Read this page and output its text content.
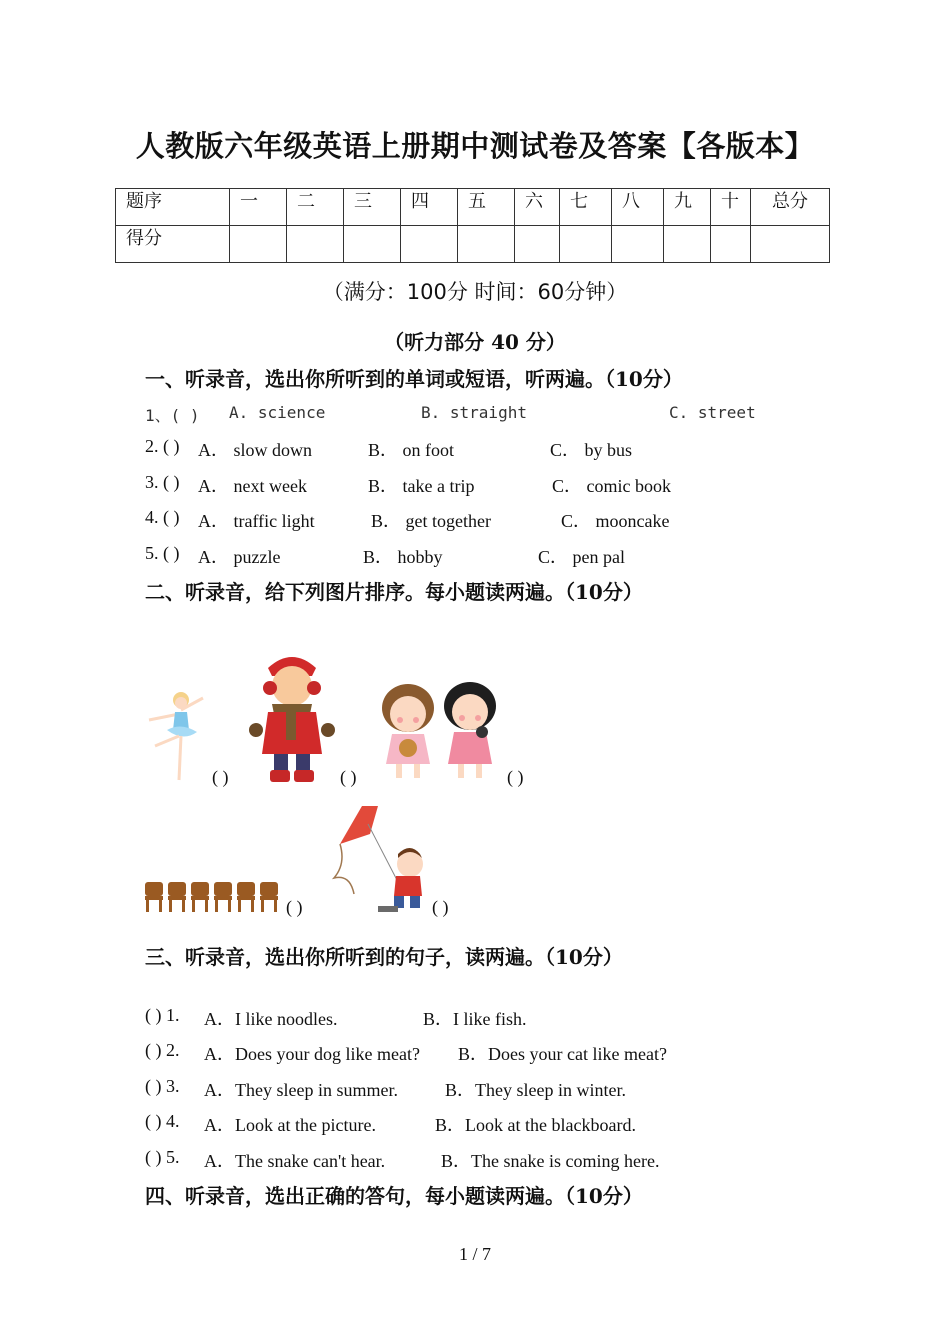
人教版六年级英语上册期中测试卷及答案【各版本】
题序	一	二	三	四	五	六	七	八	九	十	总分
得分											
（满分：100分 时间：60分钟）
（听力部分 40 分）
一、听录音，选出你所听到的单词或短语，听两遍。（10分）
1、( ) A. science	B. straight	C. street
2. ( ) A． slow down	B． on foot	C． by bus
3. ( ) A． next week	B． take a trip	C． comic book
4. ( ) A． traffic light	B． get together	C． mooncake
5. ( ) A． puzzle	B． hobby	C． pen pal
二、听录音，给下列图片排序。每小题读两遍。（10分）
( )	( )	( )
( )	( )
三、听录音，选出你所听到的句子，读两遍。（10分）
( ) 1. A．I like noodles.	B．I like fish.
( ) 2. A．Does your dog like meat? B．Does your cat like meat?
( ) 3. A．They sleep in summer.	B．They sleep in winter.
( ) 4. A．Look at the picture.	B．Look at the blackboard.
( ) 5. A．The snake can't hear.	B．The snake is coming here.
四、听录音，选出正确的答句，每小题读两遍。（10分）
1 / 7
